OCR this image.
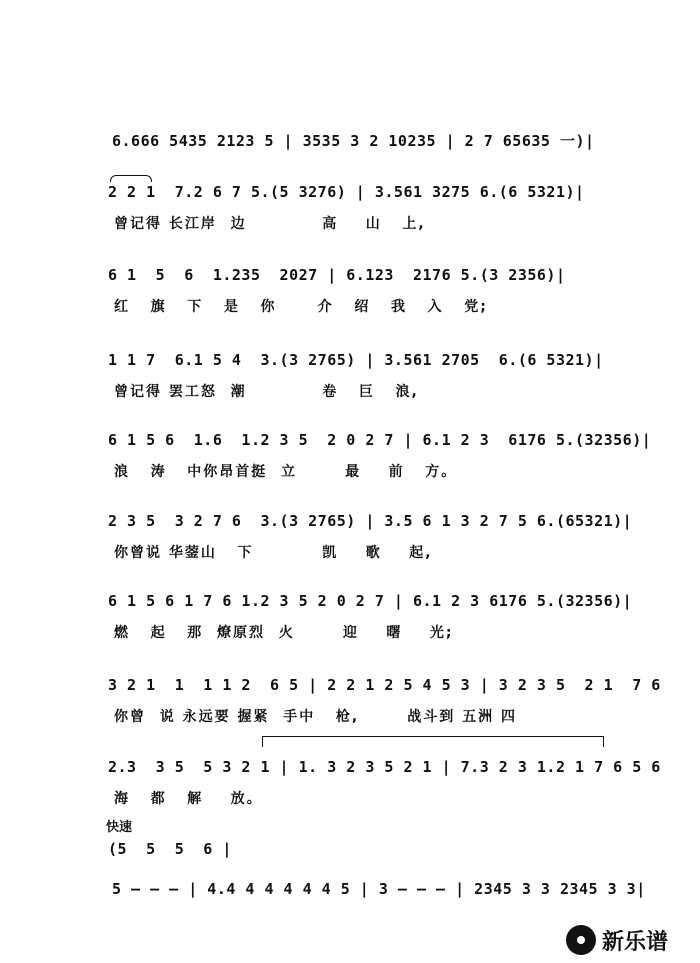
6.666 5435 2123 5 | 3535 3 2 10235 | 2 7 65635 一)|
2 2 1  7.2 6 7 5.(5 3276) | 3.561 3275 6.(6 5321)|
曾记得 长江岸  边           高    山   上,
6 1  5  6  1.235  2027 | 6.123  2176 5.(3 2356)|
红   旗   下   是   你      介   绍   我   入   党;
1 1 7  6.1 5 4  3.(3 2765) | 3.561 2705  6.(6 5321)|
曾记得 罢工怒  潮           卷   巨   浪,
6 1 5 6  1.6  1.2 3 5  2 0 2 7 | 6.1 2 3  6176 5.(32356)|
浪   涛   中你昂首挺  立       最    前   方。
2 3 5  3 2 7 6  3.(3 2765) | 3.5 6 1 3 2 7 5 6.(65321)|
你曾说 华蓥山   下          凯    歌    起,
6 1 5 6 1 7 6 1.2 3 5 2 0 2 7 | 6.1 2 3 6176 5.(32356)|
燃   起   那  燎原烈  火       迎    曙    光;
3 2 1  1  1 1 2  6 5 | 2 2 1 2 5 4 5 3 | 3 2 3 5  2 1  7 6
你曾  说 永远要 握紧  手中   枪,       战斗到 五洲 四
2.3  3 5  5 3 2 1 | 1. 3 2 3 5 2 1 | 7.3 2 3 1.2 1 7 6 5 6
海   都   解    放。
快速
(5  5  5  6 |
5 ― ― ― | 4.4 4 4 4 4 4 5 | 3 ― ― ― | 2345 3 3 2345 3 3|
新乐谱
